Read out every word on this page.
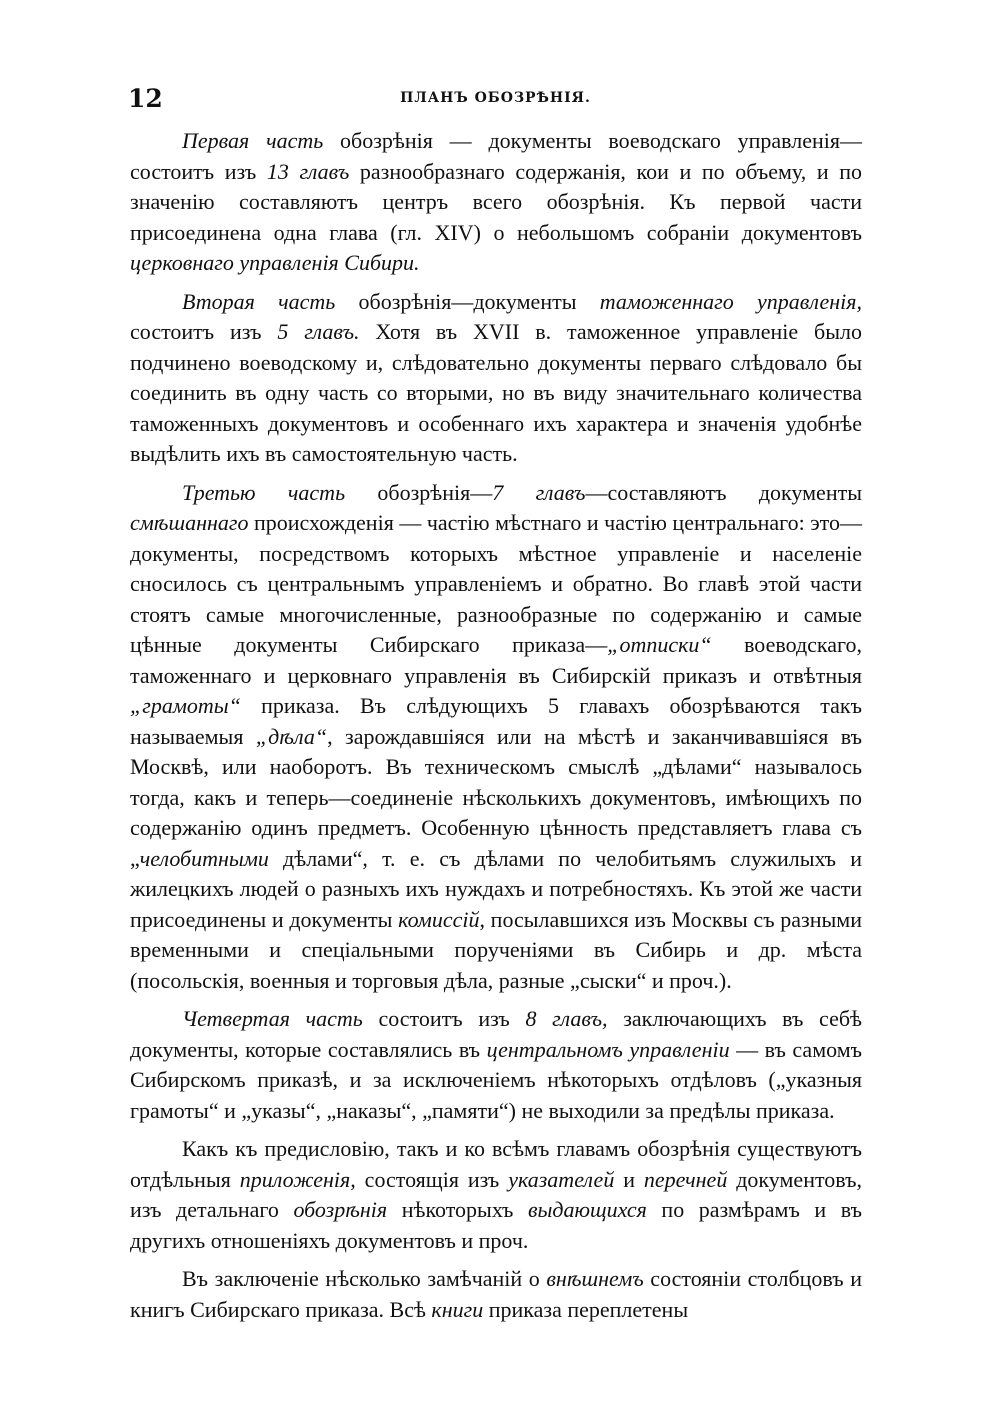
12	ПЛАНЪ ОБОЗРѢНІЯ.

Первая часть обозрѣнія — документы воеводскаго управленія— состоитъ изъ 13 главъ разнообразнаго содержанія, кои и по объему, и по значенію составляютъ центръ всего обозрѣнія. Къ первой части присоединена одна глава (гл. XIV) о небольшомъ собраніи документовъ церковнаго управленія Сибири.

Вторая часть обозрѣнія—документы таможеннаго управленія, состоитъ изъ 5 главъ. Хотя въ XVII в. таможенное управленіе было подчинено воеводскому и, слѣдовательно документы перваго слѣдовало бы соединить въ одну часть со вторыми, но въ виду значительнаго количества таможенныхъ документовъ и особеннаго ихъ характера и значенія удобнѣе выдѣлить ихъ въ самостоятельную часть.

Третью часть обозрѣнія—7 главъ—составляютъ документы смѣшаннаго происхожденія — частію мѣстнаго и частію центральнаго: это—документы, посредствомъ которыхъ мѣстное управленіе и населеніе сносилось съ центральнымъ управленіемъ и обратно. Во главѣ этой части стоятъ самые многочисленные, разнообразные по содержанію и самые цѣнные документы Сибирскаго приказа—„отписки“ воеводскаго, таможеннаго и церковнаго управленія въ Сибирскій приказъ и отвѣтныя „грамоты“ приказа. Въ слѣдующихъ 5 главахъ обозрѣваются такъ называемыя „дѣла“, зарождавшіяся или на мѣстѣ и заканчивавшіяся въ Москвѣ, или наоборотъ. Въ техническомъ смыслѣ „дѣлами“ называлось тогда, какъ и теперь—соединеніе нѣсколькихъ документовъ, имѣющихъ по содержанію одинъ предметъ. Особенную цѣнность представляетъ глава съ „челобитными дѣлами“, т. е. съ дѣлами по челобитьямъ служилыхъ и жилецкихъ людей о разныхъ ихъ нуждахъ и потребностяхъ. Къ этой же части присоединены и документы комиссій, посылавшихся изъ Москвы съ разными временными и спеціальными порученіями въ Сибирь и др. мѣста (посольскія, военныя и торговыя дѣла, разные „сыски“ и проч.).

Четвертая часть состоитъ изъ 8 главъ, заключающихъ въ себѣ документы, которые составлялись въ центральномъ управленіи — въ самомъ Сибирскомъ приказѣ, и за исключеніемъ нѣкоторыхъ отдѣловъ („указныя грамоты“ и „указы“, „наказы“, „памяти“) не выходили за предѣлы приказа.

Какъ къ предисловію, такъ и ко всѣмъ главамъ обозрѣнія существуютъ отдѣльныя приложенія, состоящія изъ указателей и перечней документовъ, изъ детальнаго обозрѣнія нѣкоторыхъ выдающихся по размѣрамъ и въ другихъ отношеніяхъ документовъ и проч.

Въ заключеніе нѣсколько замѣчаній о внѣшнемъ состояніи столбцовъ и книгъ Сибирскаго приказа. Всѣ книги приказа переплетены
